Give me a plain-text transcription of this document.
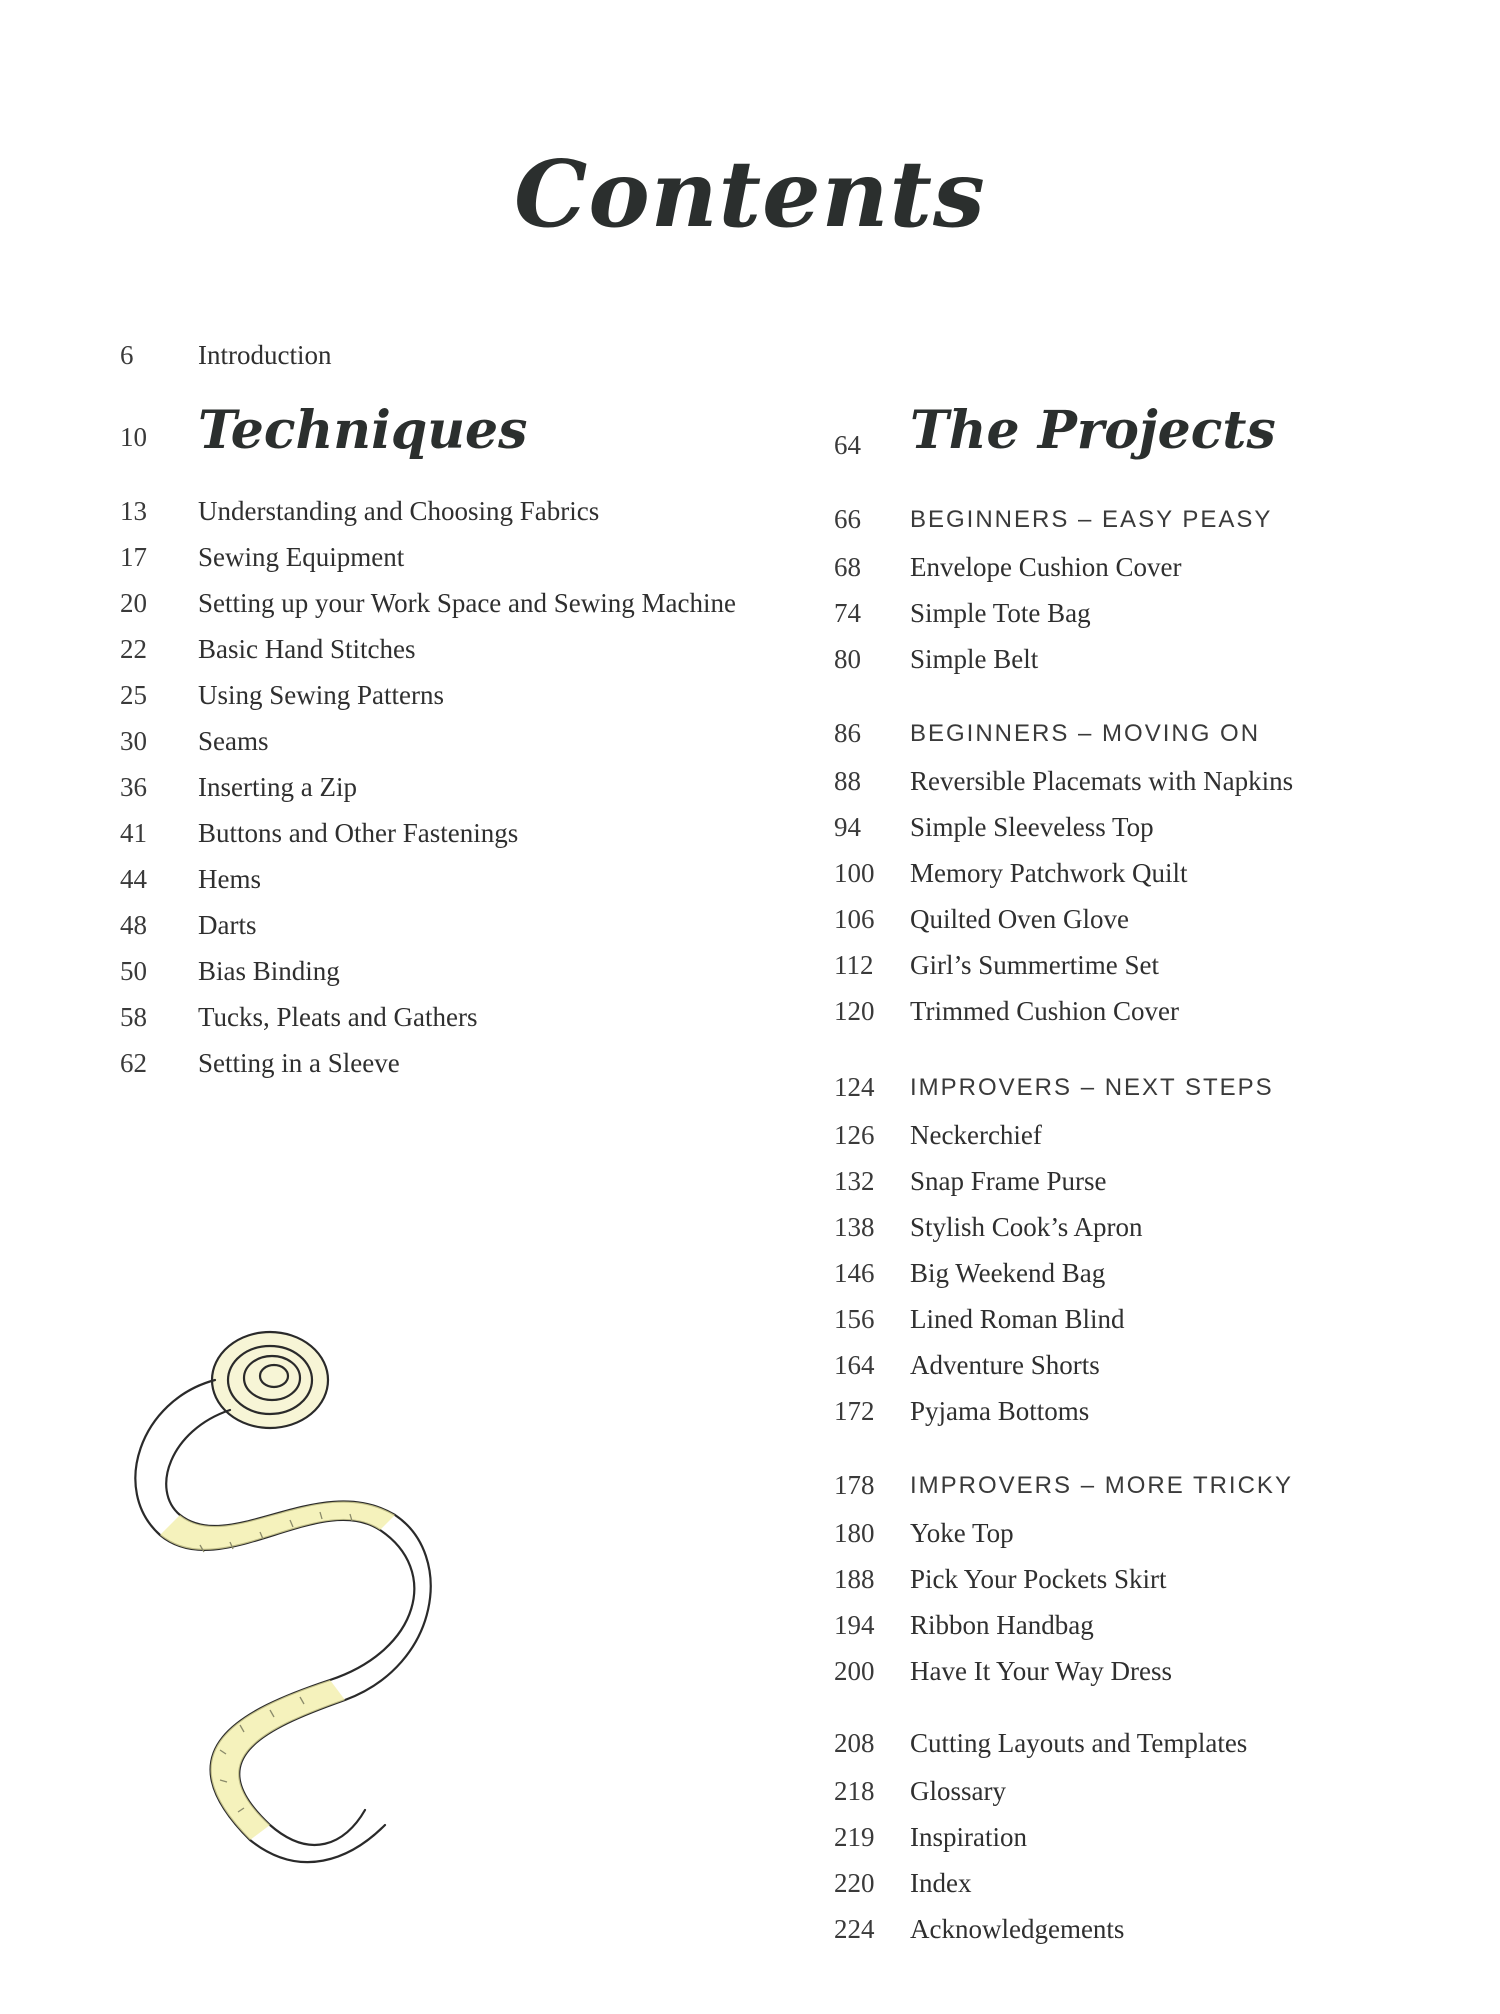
Contents
6	Introduction
10 Techniques
13	Understanding and Choosing Fabrics
17	Sewing Equipment
20	Setting up your Work Space and Sewing Machine
22	Basic Hand Stitches
25	Using Sewing Patterns
30	Seams
36	Inserting a Zip
41	Buttons and Other Fastenings
44	Hems
48	Darts
50	Bias Binding
58	Tucks, Pleats and Gathers
62	Setting in a Sleeve
64 The Projects
66	BEGINNERS – EASY PEASY
68	Envelope Cushion Cover
74	Simple Tote Bag
80	Simple Belt
86	BEGINNERS – MOVING ON
88	Reversible Placemats with Napkins
94	Simple Sleeveless Top
100	Memory Patchwork Quilt
106	Quilted Oven Glove
112	Girl’s Summertime Set
120	Trimmed Cushion Cover
124	IMPROVERS – NEXT STEPS
126	Neckerchief
132	Snap Frame Purse
138	Stylish Cook’s Apron
146	Big Weekend Bag
156	Lined Roman Blind
164	Adventure Shorts
172	Pyjama Bottoms
178	IMPROVERS – MORE TRICKY
180	Yoke Top
188	Pick Your Pockets Skirt
194	Ribbon Handbag
200	Have It Your Way Dress
208	Cutting Layouts and Templates
218	Glossary
219	Inspiration
220	Index
224	Acknowledgements
